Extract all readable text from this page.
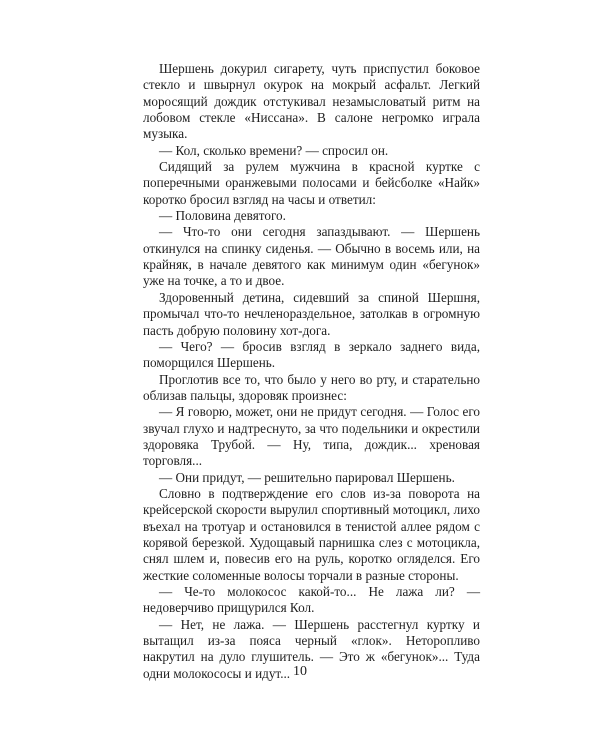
Шершень докурил сигарету, чуть приспустил боковое стекло и швырнул окурок на мокрый асфальт. Легкий моросящий дождик отстукивал незамысловатый ритм на лобовом стекле «Ниссана». В салоне негромко играла музыка.

— Кол, сколько времени? — спросил он.

Сидящий за рулем мужчина в красной куртке с поперечными оранжевыми полосами и бейсболке «Найк» коротко бросил взгляд на часы и ответил:

— Половина девятого.

— Что-то они сегодня запаздывают. — Шершень откинулся на спинку сиденья. — Обычно в восемь или, на крайняк, в начале девятого как минимум один «бегунок» уже на точке, а то и двое.

Здоровенный детина, сидевший за спиной Шершня, промычал что-то нечленораздельное, затолкав в огромную пасть добрую половину хот-дога.

— Чего? — бросив взгляд в зеркало заднего вида, поморщился Шершень.

Проглотив все то, что было у него во рту, и старательно облизав пальцы, здоровяк произнес:

— Я говорю, может, они не придут сегодня. — Голос его звучал глухо и надтреснуто, за что подельники и окрестили здоровяка Трубой. — Ну, типа, дождик... хреновая торговля...

— Они придут, — решительно парировал Шершень.

Словно в подтверждение его слов из-за поворота на крейсерской скорости вырулил спортивный мотоцикл, лихо въехал на тротуар и остановился в тенистой аллее рядом с корявой березкой. Худощавый парнишка слез с мотоцикла, снял шлем и, повесив его на руль, коротко огляделся. Его жесткие соломенные волосы торчали в разные стороны.

— Че-то молокосос какой-то... Не лажа ли? — недоверчиво прищурился Кол.

— Нет, не лажа. — Шершень расстегнул куртку и вытащил из-за пояса черный «глок». Неторопливо накрутил на дуло глушитель. — Это ж «бегунок»... Туда одни молокососы и идут... 10
